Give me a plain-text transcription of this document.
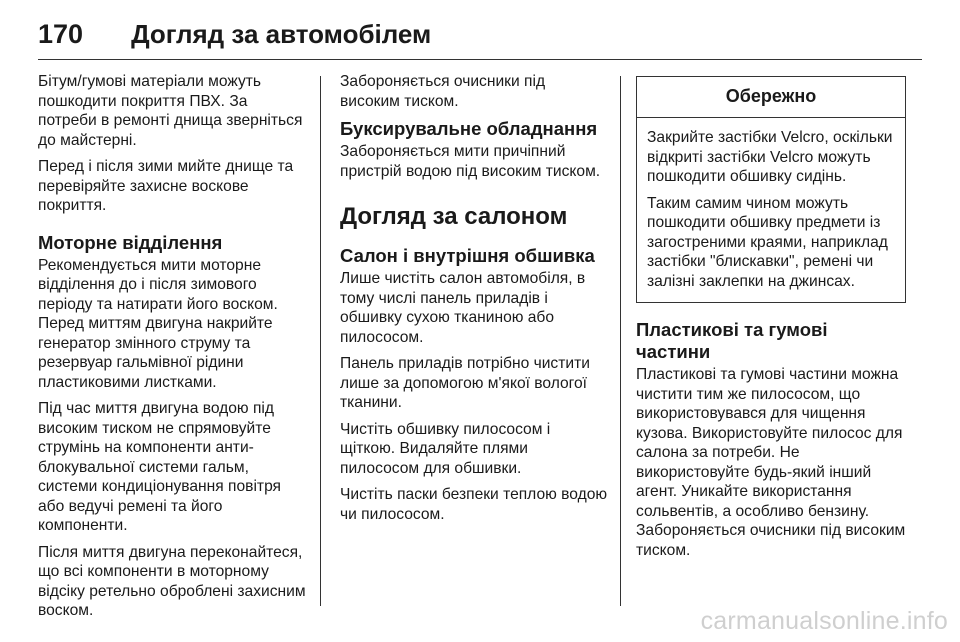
170 Догляд за автомобілем

Бітум/гумові матеріали можуть пошкодити покриття ПВХ. За потреби в ремонті днища зверніться до майстерні.

Перед і після зими мийте днище та перевіряйте захисне воскове покриття.

Моторне відділення

Рекомендується мити моторне відділення до і після зимового періоду та натирати його воском. Перед миттям двигуна накрийте генератор змінного струму та резервуар гальмівної рідини пластиковими листками.

Під час миття двигуна водою під високим тиском не спрямовуйте струмінь на компоненти анти-блокувальної системи гальм, системи кондиціонування повітря або ведучі ремені та його компоненти.

Після миття двигуна переконайтеся, що всі компоненти в моторному відсіку ретельно оброблені захисним воском.

Забороняється очисники під високим тиском.

Буксирувальне обладнання

Забороняється мити причіпний пристрій водою під високим тиском.

Догляд за салоном
Салон і внутрішня обшивка

Лише чистіть салон автомобіля, в тому числі панель приладів і обшивку сухою тканиною або пилососом.

Панель приладів потрібно чистити лише за допомогою м'якої вологої тканини.

Чистіть обшивку пилососом і щіткою. Видаляйте плями пилососом для обшивки.

Чистіть паски безпеки теплою водою чи пилососом.

Обережно

Закрийте застібки Velcro, оскільки відкриті застібки Velcro можуть пошкодити обшивку сидінь.

Таким самим чином можуть пошкодити обшивку предмети із загостреними краями, наприклад застібки "блискавки", ремені чи залізні заклепки на джинсах.

Пластикові та гумові частини

Пластикові та гумові частини можна чистити тим же пилососом, що використовувався для чищення кузова. Використовуйте пилосос для салона за потреби. Не використовуйте будь-який інший агент. Уникайте використання сольвентів, а особливо бензину. Забороняється очисники під високим тиском.

carmanualsonline.info
